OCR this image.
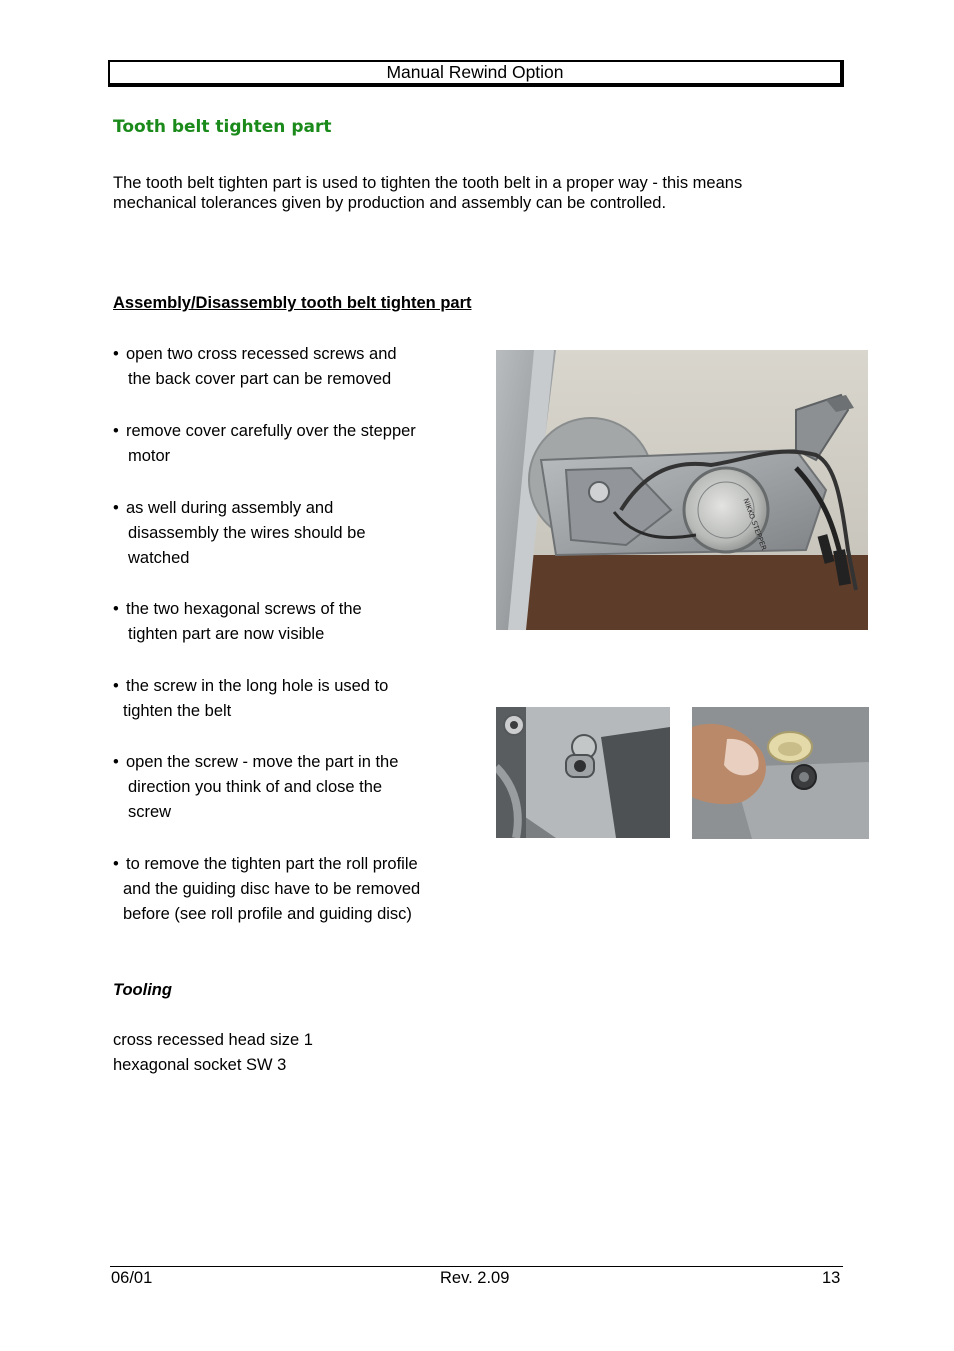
Manual Rewind Option
Tooth belt tighten part

The tooth belt tighten part is used to tighten the tooth belt in a proper way - this means
mechanical tolerances given by production and assembly can be controlled.

Assembly/Disassembly tooth belt tighten part
• open two cross recessed screws and
the back cover part can be removed
• remove cover carefully over the stepper
motor
• as well during assembly and
disassembly the wires should be
watched
• the two hexagonal screws of the
tighten part are now visible
• the screw in the long hole is used to
tighten the belt
• open the screw - move the part in the
direction you think of and close the
screw
• to remove the tighten part the roll profile
and the guiding disc have to be removed
before (see roll profile and guiding disc)
NIKKO STEPPER
Tooling
cross recessed head size 1
hexagonal socket SW 3
06/01	Rev. 2.09	13
